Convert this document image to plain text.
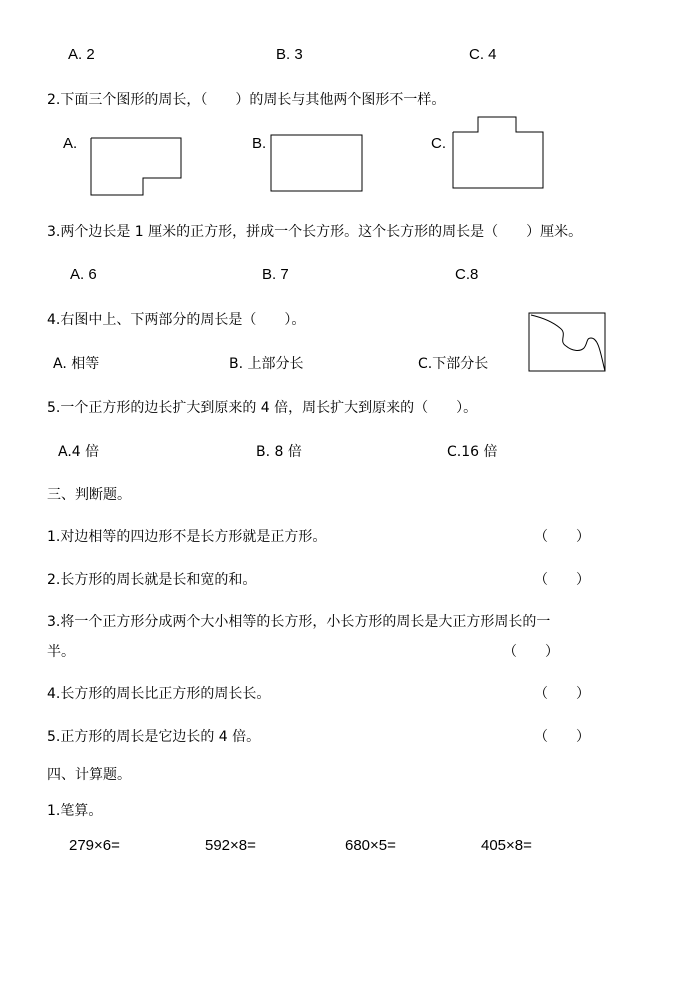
A. 2	B. 3	C. 4
2.下面三个图形的周长，（　　）的周长与其他两个图形不一样。
A.	B.	C.
3.两个边长是 1 厘米的正方形，拼成一个长方形。这个长方形的周长是（　　）厘米。
A. 6	B. 7	C.8
4.右图中上、下两部分的周长是（　　）。
A. 相等	B. 上部分长	C.下部分长
5.一个正方形的边长扩大到原来的 4 倍，周长扩大到原来的（　　）。
A.4 倍	B. 8 倍	C.16 倍
三、判断题。
1.对边相等的四边形不是长方形就是正方形。	（　　）
2.长方形的周长就是长和宽的和。	（　　）
3.将一个正方形分成两个大小相等的长方形，小长方形的周长是大正方形周长的一
半。	（　　）
4.长方形的周长比正方形的周长长。	（　　）
5.正方形的周长是它边长的 4 倍。	（　　）
四、计算题。
1.笔算。
279×6=	592×8=	680×5=	405×8=
